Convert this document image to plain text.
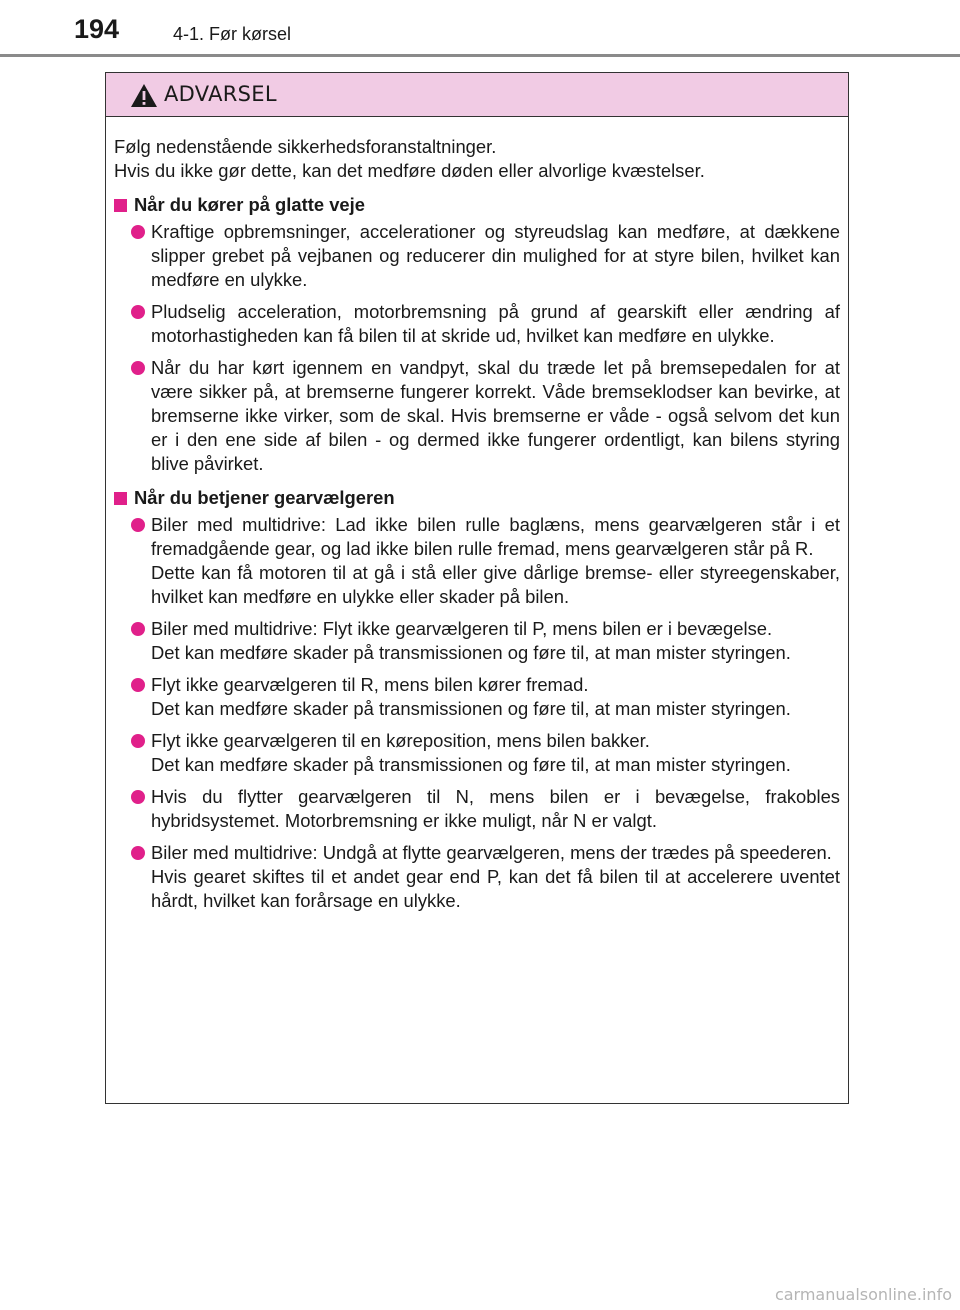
194	4-1. Før kørsel
ADVARSEL

Følg nedenstående sikkerhedsforanstaltninger.

Hvis du ikke gør dette, kan det medføre døden eller alvorlige kvæstelser.

Når du kører på glatte veje

Kraftige opbremsninger, accelerationer og styreudslag kan medføre, at dækkene slipper grebet på vejbanen og reducerer din mulighed for at styre bilen, hvilket kan medføre en ulykke.

Pludselig acceleration, motorbremsning på grund af gearskift eller ændring af motorhastigheden kan få bilen til at skride ud, hvilket kan medføre en ulykke.

Når du har kørt igennem en vandpyt, skal du træde let på bremsepedalen for at være sikker på, at bremserne fungerer korrekt. Våde bremseklodser kan bevirke, at bremserne ikke virker, som de skal. Hvis bremserne er våde - også selvom det kun er i den ene side af bilen - og dermed ikke fungerer ordentligt, kan bilens styring blive påvirket.

Når du betjener gearvælgeren

Biler med multidrive: Lad ikke bilen rulle baglæns, mens gearvælgeren står i et fremadgående gear, og lad ikke bilen rulle fremad, mens gearvælgeren står på R.

Dette kan få motoren til at gå i stå eller give dårlige bremse- eller styreegenskaber, hvilket kan medføre en ulykke eller skader på bilen.

Biler med multidrive: Flyt ikke gearvælgeren til P, mens bilen er i bevægelse.

Det kan medføre skader på transmissionen og føre til, at man mister styringen.

Flyt ikke gearvælgeren til R, mens bilen kører fremad.

Det kan medføre skader på transmissionen og føre til, at man mister styringen.

Flyt ikke gearvælgeren til en køreposition, mens bilen bakker.

Det kan medføre skader på transmissionen og føre til, at man mister styringen.

Hvis du flytter gearvælgeren til N, mens bilen er i bevægelse, frakobles hybridsystemet. Motorbremsning er ikke muligt, når N er valgt.

Biler med multidrive: Undgå at flytte gearvælgeren, mens der trædes på speederen.

Hvis gearet skiftes til et andet gear end P, kan det få bilen til at accelerere uventet hårdt, hvilket kan forårsage en ulykke.

carmanualsonline.info
